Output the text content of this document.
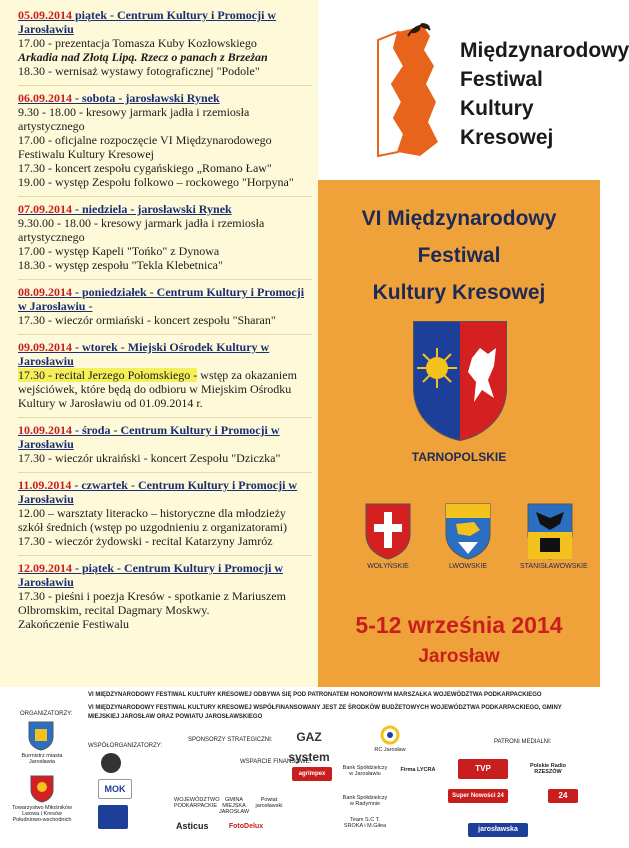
05.09.2014 piątek - Centrum Kultury i Promocji w Jarosławiu
17.00 - prezentacja Tomasza Kuby Kozłowskiego
Arkadia nad Złotą Lipą. Rzecz o panach z Brzeżan
18.30 - wernisaż wystawy fotograficznej "Podole"
06.09.2014 - sobota - jarosławski Rynek
9.30 - 18.00 - kresowy jarmark jadła i rzemiosła artystycznego
17.00 - oficjalne rozpoczęcie VI Międzynarodowego Festiwalu Kultury Kresowej
17.30 - koncert zespołu cygańskiego „Romano Ław"
19.00 - występ Zespołu folkowo – rockowego "Horpyna"
07.09.2014 - niedziela - jarosławski Rynek
9.30.00 - 18.00 - kresowy jarmark jadła i rzemiosła artystycznego
17.00 - występ Kapeli "Tońko" z Dynowa
18.30 - występ zespołu "Tekla Klebetnica"
08.09.2014 - poniedziałek - Centrum Kultury i Promocji w Jarosławiu -
17.30 - wieczór ormiański - koncert zespołu "Sharan"
09.09.2014 - wtorek - Miejski Ośrodek Kultury w Jarosławiu
17.30 - recital Jerzego Połomskiego - wstęp za okazaniem wejściówek, które będą do odbioru w Miejskim Ośrodku Kultury w Jarosławiu od 01.09.2014 r.
10.09.2014 - środa - Centrum Kultury i Promocji w Jarosławiu
17.30 - wieczór ukraiński - koncert Zespołu "Dziczka"
11.09.2014 - czwartek - Centrum Kultury i Promocji w Jarosławiu
12.00 – warsztaty literacko – historyczne dla młodzieży szkół średnich (wstęp po uzgodnieniu z organizatorami)
17.30 - wieczór żydowski - recital Katarzyny Jamróz
12.09.2014 - piątek - Centrum Kultury i Promocji w Jarosławiu
17.30 - pieśni i poezja Kresów - spotkanie z Mariuszem Olbromskim, recital Dagmary Moskwy.
Zakończenie Festiwalu
Międzynarodowy
Festiwal
Kultury
Kresowej
VI Międzynarodowy
Festiwal
Kultury Kresowej
TARNOPOLSKIE
WOŁYŃSKIE	LWOWSKIE	STANISŁAWOWSKIE
5-12 września 2014
Jarosław
VI MIĘDZYNARODOWY FESTIWAL KULTURY KRESOWEJ ODBYWA SIĘ POD PATRONATEM HONOROWYM MARSZAŁKA WOJEWÓDZTWA PODKARPACKIEGO
VI MIĘDZYNARODOWY FESTIWAL KULTURY KRESOWEJ WSPÓŁFINANSOWANY JEST ZE ŚRODKÓW BUDŻETOWYCH WOJEWÓDZTWA PODKARPACKIEGO, GMINY MIEJSKIEJ JAROSŁAW ORAZ POWIATU JAROSŁAWSKIEGO
ORGANIZATORZY:
Burmistrz miasta Jarosławia
Towarzystwo Miłośników Lwowa i Kresów Południowo-wschodnich
WSPÓŁORGANIZATORZY:
MOK
SPONSORZY STRATEGICZNI:	GAZ system	RC Jarosław
WSPARCIE FINANSOWE:
WOJEWÓDZTWO PODKARPACKIE
GMINA MIEJSKA JAROSŁAW
Powiat jarosławski
agrimpex
Bank Spółdzielczy w Jarosławiu
Bank Spółdzielczy w Radymnie
Firma LYCRA
Asticus	FotoDelux
Team S.C T. SROKA i M.Giłea
PATRONI MEDIALNI:
TVP	Polskie Radio RZESZÓW
Super Nowości 24	24
jarosławska
